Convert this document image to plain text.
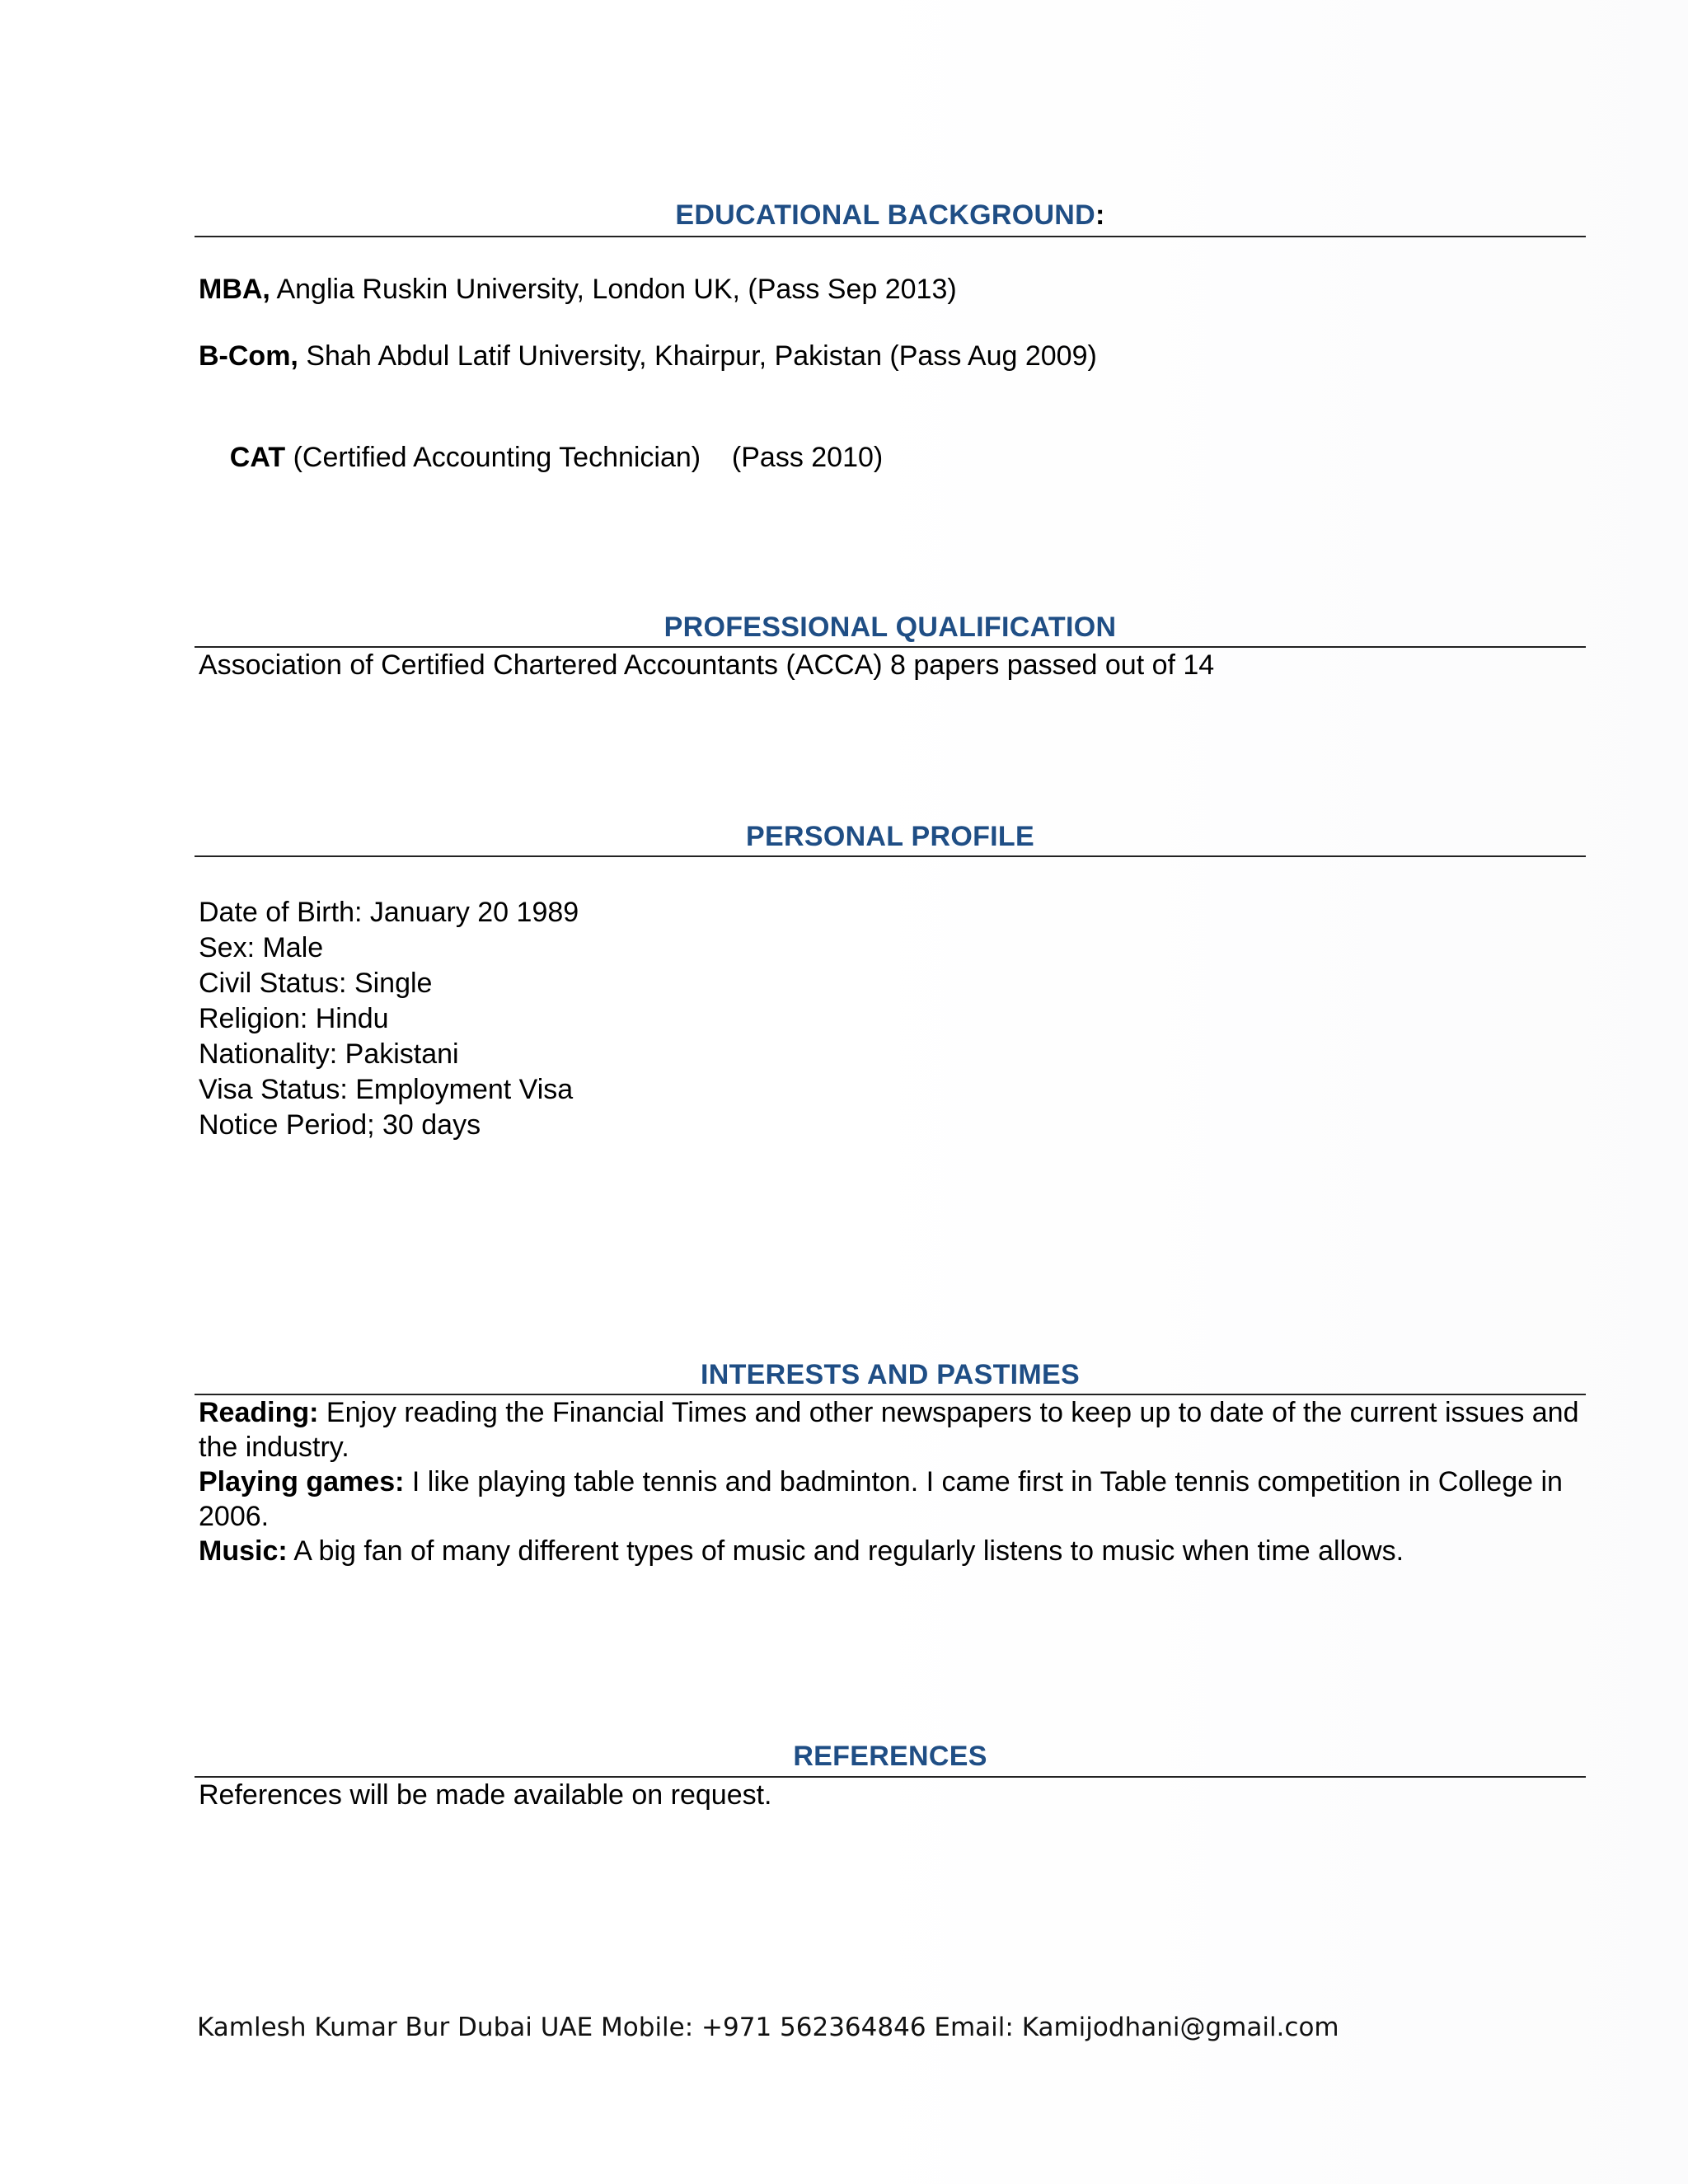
EDUCATIONAL BACKGROUND:
MBA, Anglia Ruskin University, London UK, (Pass Sep 2013)
B-Com, Shah Abdul Latif University, Khairpur, Pakistan (Pass Aug 2009)

CAT (Certified Accounting Technician)    (Pass 2010)

PROFESSIONAL QUALIFICATION
Association of Certified Chartered Accountants (ACCA) 8 papers passed out of 14
PERSONAL PROFILE
Date of Birth: January 20 1989
Sex: Male
Civil Status: Single
Religion: Hindu
Nationality: Pakistani
Visa Status: Employment Visa
Notice Period; 30 days
INTERESTS AND PASTIMES

Reading: Enjoy reading the Financial Times and other newspapers to keep up to date of the current issues and the industry.

Playing games: I like playing table tennis and badminton. I came first in Table tennis competition in College in 2006.

Music: A big fan of many different types of music and regularly listens to music when time allows.

REFERENCES
References will be made available on request.
Kamlesh Kumar Bur Dubai UAE Mobile: +971 562364846 Email: Kamijodhani@gmail.com
